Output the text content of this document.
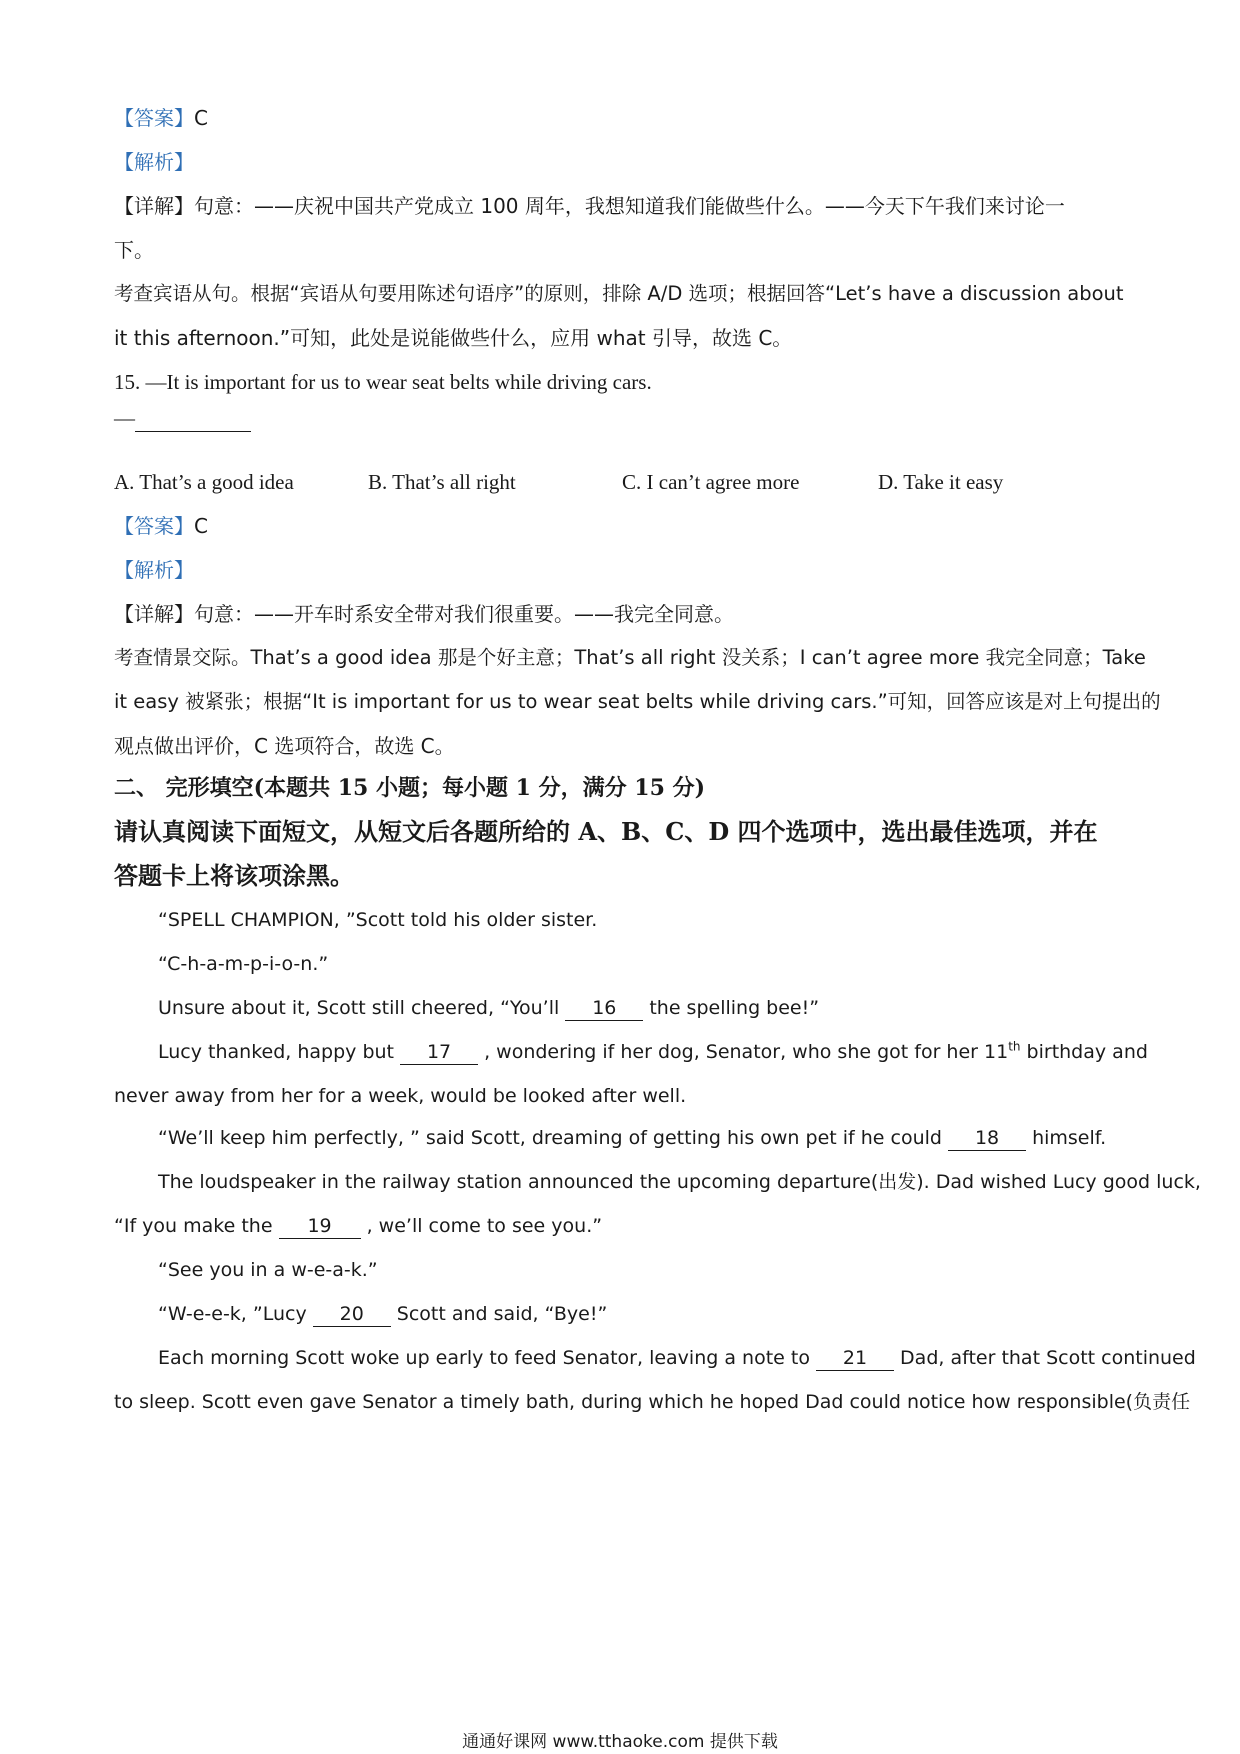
【答案】C
【解析】
【详解】句意：——庆祝中国共产党成立 100 周年，我想知道我们能做些什么。——今天下午我们来讨论一
下。
考查宾语从句。根据“宾语从句要用陈述句语序”的原则，排除 A/D 选项；根据回答“Let’s have a discussion about
it this afternoon.”可知，此处是说能做些什么，应用 what 引导，故选 C。
15. —It is important for us to wear seat belts while driving cars.
—
A. That’s a good idea	B. That’s all right	C. I can’t agree more	D. Take it easy
【答案】C
【解析】
【详解】句意：——开车时系安全带对我们很重要。——我完全同意。
考查情景交际。That’s a good idea 那是个好主意；That’s all right 没关系；I can’t agree more 我完全同意；Take
it easy 被紧张；根据“It is important for us to wear seat belts while driving cars.”可知，回答应该是对上句提出的
观点做出评价，C 选项符合，故选 C。
二、 完形填空(本题共 15 小题；每小题 1 分，满分 15 分)
请认真阅读下面短文，从短文后各题所给的 A、B、C、D 四个选项中，选出最佳选项，并在
答题卡上将该项涂黑。
“SPELL CHAMPION, ”Scott told his older sister.
“C-h-a-m-p-i-o-n.”
Unsure about it, Scott still cheered, “You’ll 16 the spelling bee!”
Lucy thanked, happy but 17 , wondering if her dog, Senator, who she got for her 11th birthday and
never away from her for a week, would be looked after well.
“We’ll keep him perfectly, ” said Scott, dreaming of getting his own pet if he could 18 himself.
The loudspeaker in the railway station announced the upcoming departure(出发). Dad wished Lucy good luck,
“If you make the 19 , we’ll come to see you.”
“See you in a w-e-a-k.”
“W-e-e-k, ”Lucy 20 Scott and said, “Bye!”
Each morning Scott woke up early to feed Senator, leaving a note to 21 Dad, after that Scott continued
to sleep. Scott even gave Senator a timely bath, during which he hoped Dad could notice how responsible(负责任
通通好课网 www.tthaoke.com 提供下载
